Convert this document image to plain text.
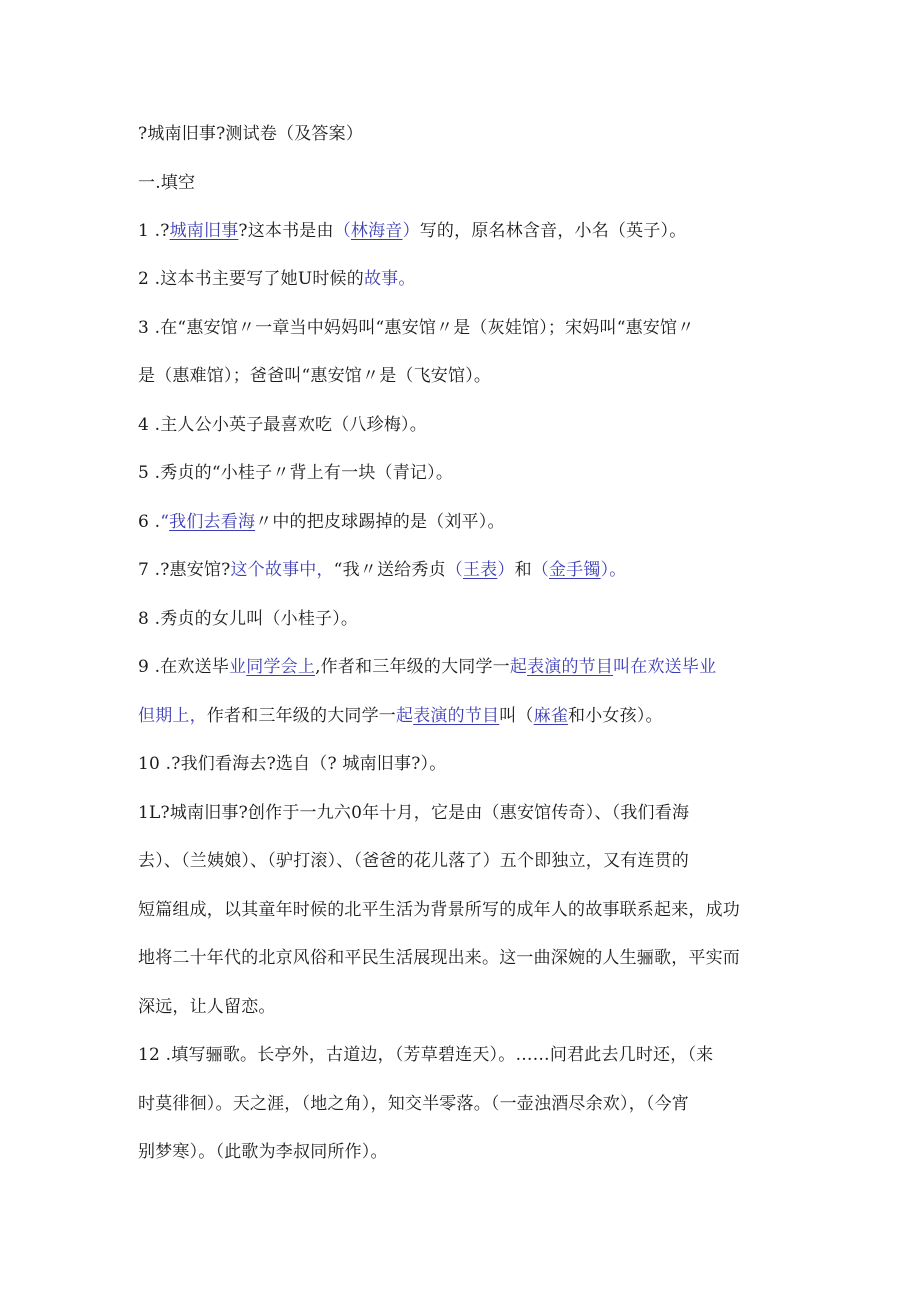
?城南旧事?测试卷（及答案）
一.填空
1 .?城南旧事?这本书是由（林海音）写的，原名林含音，小名（英子）。
2 .这本书主要写了她U时候的故事。
3 .在“惠安馆〃一章当中妈妈叫“惠安馆〃是（灰娃馆）；宋妈叫“惠安馆〃
是（惠难馆）；爸爸叫“惠安馆〃是（飞安馆）。
4 .主人公小英子最喜欢吃（八珍梅）。
5 .秀贞的“小桂子〃背上有一块（青记）。
6 .“我们去看海〃中的把皮球踢掉的是（刘平）。
7 .?惠安馆?这个故事中，“我〃送给秀贞（王表）和（金手镯）。
8 .秀贞的女儿叫（小桂子）。
9 .在欢送毕业同学会上,作者和三年级的大同学一起表演的节目叫在欢送毕业
但期上，作者和三年级的大同学一起表演的节目叫（麻雀和小女孩）。
10 .?我们看海去?选自（? 城南旧事?）。
1L?城南旧事?创作于一九六0年十月，它是由（惠安馆传奇）、（我们看海
去）、（兰姨娘）、（驴打滚）、（爸爸的花儿落了）五个即独立，又有连贯的
短篇组成，以其童年时候的北平生活为背景所写的成年人的故事联系起来，成功
地将二十年代的北京风俗和平民生活展现出来。这一曲深婉的人生骊歌，平实而
深远，让人留恋。
12 .填写骊歌。长亭外，古道边，（芳草碧连天）。……问君此去几时还，（来
时莫徘徊）。天之涯，（地之角），知交半零落。（一壶浊酒尽余欢），（今宵
别梦寒）。（此歌为李叔同所作）。
